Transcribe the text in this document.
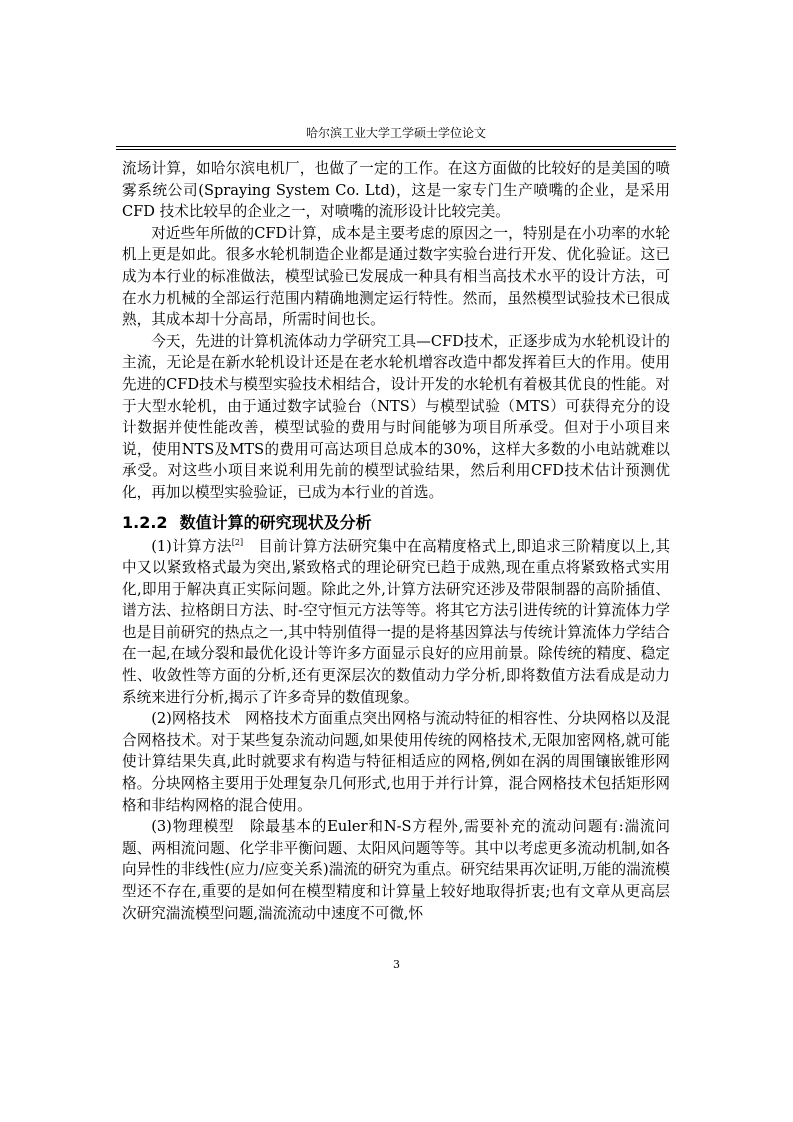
哈尔滨工业大学工学硕士学位论文

流场计算，如哈尔滨电机厂，也做了一定的工作。在这方面做的比较好的是美国的喷雾系统公司(Spraying System Co. Ltd)，这是一家专门生产喷嘴的企业，是采用 CFD 技术比较早的企业之一，对喷嘴的流形设计比较完美。

对近些年所做的CFD计算，成本是主要考虑的原因之一，特别是在小功率的水轮机上更是如此。很多水轮机制造企业都是通过数字实验台进行开发、优化验证。这已成为本行业的标准做法，模型试验已发展成一种具有相当高技术水平的设计方法，可在水力机械的全部运行范围内精确地测定运行特性。然而，虽然模型试验技术已很成熟，其成本却十分高昂，所需时间也长。

今天，先进的计算机流体动力学研究工具—CFD技术，正逐步成为水轮机设计的主流，无论是在新水轮机设计还是在老水轮机增容改造中都发挥着巨大的作用。使用先进的CFD技术与模型实验技术相结合，设计开发的水轮机有着极其优良的性能。对于大型水轮机，由于通过数字试验台（NTS）与模型试验（MTS）可获得充分的设计数据并使性能改善，模型试验的费用与时间能够为项目所承受。但对于小项目来说，使用NTS及MTS的费用可高达项目总成本的30%，这样大多数的小电站就难以承受。对这些小项目来说利用先前的模型试验结果，然后利用CFD技术估计预测优化，再加以模型实验验证，已成为本行业的首选。

1.2.2 数值计算的研究现状及分析

(1)计算方法[2]　目前计算方法研究集中在高精度格式上,即追求三阶精度以上,其中又以紧致格式最为突出,紧致格式的理论研究已趋于成熟,现在重点将紧致格式实用化,即用于解决真正实际问题。除此之外,计算方法研究还涉及带限制器的高阶插值、谱方法、拉格朗日方法、时-空守恒元方法等等。将其它方法引进传统的计算流体力学也是目前研究的热点之一,其中特别值得一提的是将基因算法与传统计算流体力学结合在一起,在域分裂和最优化设计等许多方面显示良好的应用前景。除传统的精度、稳定性、收敛性等方面的分析,还有更深层次的数值动力学分析,即将数值方法看成是动力系统来进行分析,揭示了许多奇异的数值现象。

(2)网格技术　网格技术方面重点突出网格与流动特征的相容性、分块网格以及混合网格技术。对于某些复杂流动问题,如果使用传统的网格技术,无限加密网格,就可能使计算结果失真,此时就要求有构造与特征相适应的网格,例如在涡的周围镶嵌锥形网格。分块网格主要用于处理复杂几何形式,也用于并行计算，混合网格技术包括矩形网格和非结构网格的混合使用。

(3)物理模型　除最基本的Euler和N-S方程外,需要补充的流动问题有:湍流问题、两相流问题、化学非平衡问题、太阳风问题等等。其中以考虑更多流动机制,如各向异性的非线性(应力/应变关系)湍流的研究为重点。研究结果再次证明,万能的湍流模型还不存在,重要的是如何在模型精度和计算量上较好地取得折衷;也有文章从更高层次研究湍流模型问题,湍流流动中速度不可微,怀

3
